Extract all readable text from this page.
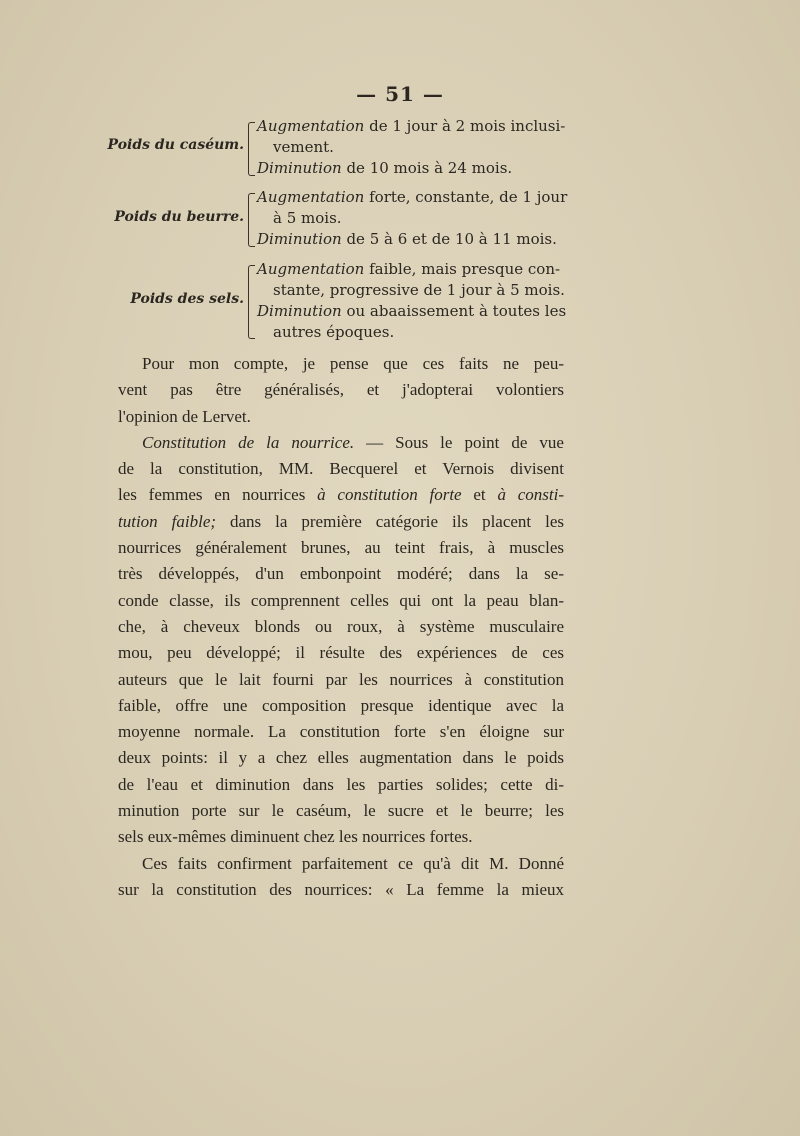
— 51 —
Poids du caséum.
Augmentation de 1 jour à 2 mois inclusi-
vement.
Diminution de 10 mois à 24 mois.
Poids du beurre.
Augmentation forte, constante, de 1 jour
à 5 mois.
Diminution de 5 à 6 et de 10 à 11 mois.
Poids des sels.
Augmentation faible, mais presque con-
stante, progressive de 1 jour à 5 mois.
Diminution ou abaaissement à toutes les
autres époques.
Pour mon compte, je pense que ces faits ne peu-
vent pas être généralisés, et j'adopterai volontiers
l'opinion de Lervet.
Constitution de la nourrice. — Sous le point de vue
de la constitution, MM. Becquerel et Vernois divisent
les femmes en nourrices à constitution forte et à consti-
tution faible; dans la première catégorie ils placent les
nourrices généralement brunes, au teint frais, à muscles
très développés, d'un embonpoint modéré; dans la se-
conde classe, ils comprennent celles qui ont la peau blan-
che, à cheveux blonds ou roux, à système musculaire
mou, peu développé; il résulte des expériences de ces
auteurs que le lait fourni par les nourrices à constitution
faible, offre une composition presque identique avec la
moyenne normale. La constitution forte s'en éloigne sur
deux points: il y a chez elles augmentation dans le poids
de l'eau et diminution dans les parties solides; cette di-
minution porte sur le caséum, le sucre et le beurre; les
sels eux-mêmes diminuent chez les nourrices fortes.
Ces faits confirment parfaitement ce qu'à dit M. Donné
sur la constitution des nourrices: « La femme la mieux
